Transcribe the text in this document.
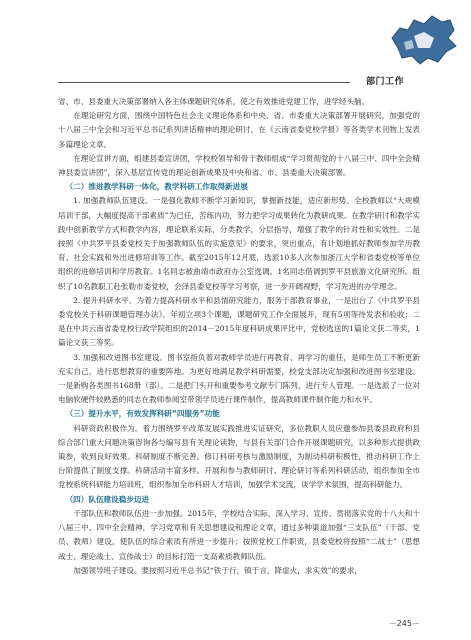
部门工作

省、市、县委重大决策部署纳入各主体课题研究体系，使之有效推进党建工作，进学经头脑。

在理论研究方面，围绕中国特色社会主义理论体系和中央、省、市委重大决策部署开展研究，加强党的十八届三中全会和习近平总书记系列讲话精神的理论研讨，在《云南省委党校学报》等各类学术刊物上发表多篇理论文章。

在理论宣讲方面，组建县委宣讲团，学校校领导和骨干教师组成“学习贯彻党的十八届三中、四中全会精神县委宣讲团”，深入基层宣传党的理论创新成果及中央和省、市、县委重大决策部署。

（二）推进教学科研一体化，教学科研工作取得新进展

1. 加强教师队伍建设。一是强化教师不断学习新知识，掌握新技能，适应新形势。全校教师以“大规模培训干部，大幅度提高干部素质”为已任，苦练内功，努力把学习成果转化为教研成果。在教学研讨和教学实践中创新教学方式和教学内容，理论联系实际，分类教学，分层指导，增强了教学的针对性和实效性。二是按照《中共罗平县委党校关于加强教师队伍的实施意见》的要求，突出重点，有计划地抓好教师参加学历教育、社会实践和外出进修培训等工作。截至2015年12月底，选派10多人次参加浙江大学和省委党校等单位组织的进修培训和学历教育。1名同志被曲靖市政府办公室选调。1名同志借调到罗平县旅游文化研究所。组织了10名教职工赴张勒市委党校，会泽县委党校等学习考察，进一步开阔视野，学习先进的办学理念。

2. 提升科研水平。为着力提高科研水平和县情研究能力，服务于部教育事业，一是出台了《中共罗平县委党校关于科研课题管理办法》。年初立项3个课题，课题研究工作全面展开，现有5项等待发表和验收；二是在中共云南省委党校行政学院组织的2014－2015年度科研成果评比中，党校选送的1篇论文获二等奖，1篇论文获三等奖。

3. 加强和改进图书室建设。图书室指负着对教师学员进行再教育、再学习的重任，是师生员工不断更新充实自己，进行思想教育的重要阵地。为更好地满足教学科研需要，校党支部决定加强和改进图书室建设。一是新购各类图书168册（部）。二是把门头开和重要参考文献专门陈列，进行专人管理。一是选派了一位对电脑软硬件较熟悉的同志在教师参阅室带领学员进行课件制作，提高教师课件制作能力和水平。

（三）提升水平，有效发挥科研“四服务”功能

科研资政积极作为。着力围绕罗平改革发展实践推进实证研究，多位教职人员应邀参加县委县政府和县综合部门重大问题决策咨询各与编写县有关理论读物，与县有关部门合作开展课题研究，以多种形式提供政策参，收到良好效果。科研制度不断完善。修订科研考核与激励制度，为制动科研积极性，推动科研工作上台阶提供了制度支撑。科研活动丰富多样。开展和参与教师研讨、理论研讨等系列科研活动，组织参加全市党校系统科研能力培训班，组织参加全市科研人才培训，加强学术交流，谈学学术氛围，提高科研能力。

（四）队伍建设稳步迈进

干部队伍和教师队伍进一步加强。2015年，学校结合实际，深入学习、宣传、贯彻落实党的十八大和十八届三中、四中全会精神，学习党章和有关思想建设和理论文章，通过多种渠道加强“三支队伍”（干部、党员、教师）建设，使队伍的综合素质有所进一步提升；按照党校工作职责，县委党校将按照“二战士”（思想战士、理论战士、宣传战士）的目标打造一支高素质教师队伍。

加强领导班子建设。要按照习近平总书记“铁于行，镇于言，降虚火，求实效”的要求，

－245－
